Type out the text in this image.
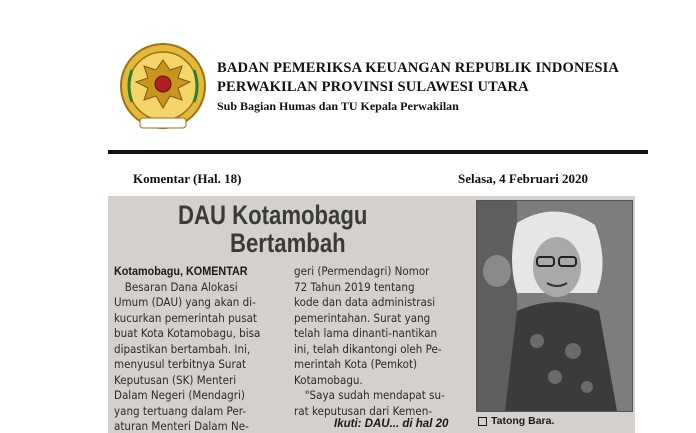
BADAN PEMERIKSA KEUANGAN REPUBLIK INDONESIA
PERWAKILAN PROVINSI SULAWESI UTARA
Sub Bagian Humas dan TU Kepala Perwakilan
Komentar (Hal. 18)	Selasa, 4 Februari 2020
DAU Kotamobagu
Bertambah
Kotamobagu, KOMENTAR
Besaran Dana Alokasi
Umum (DAU) yang akan di-
kucurkan pemerintah pusat
buat Kota Kotamobagu, bisa
dipastikan bertambah. Ini,
menyusul terbitnya Surat
Keputusan (SK) Menteri
Dalam Negeri (Mendagri)
yang tertuang dalam Per-
aturan Menteri Dalam Ne-
geri (Permendagri) Nomor
72 Tahun 2019 tentang
kode dan data administrasi
pemerintahan. Surat yang
telah lama dinanti-nantikan
ini, telah dikantongi oleh Pe-
merintah Kota (Pemkot)
Kotamobagu.
"Saya sudah mendapat su-
rat keputusan dari Kemen-
Ikuti: DAU... di hal 20	Tatong Bara.
